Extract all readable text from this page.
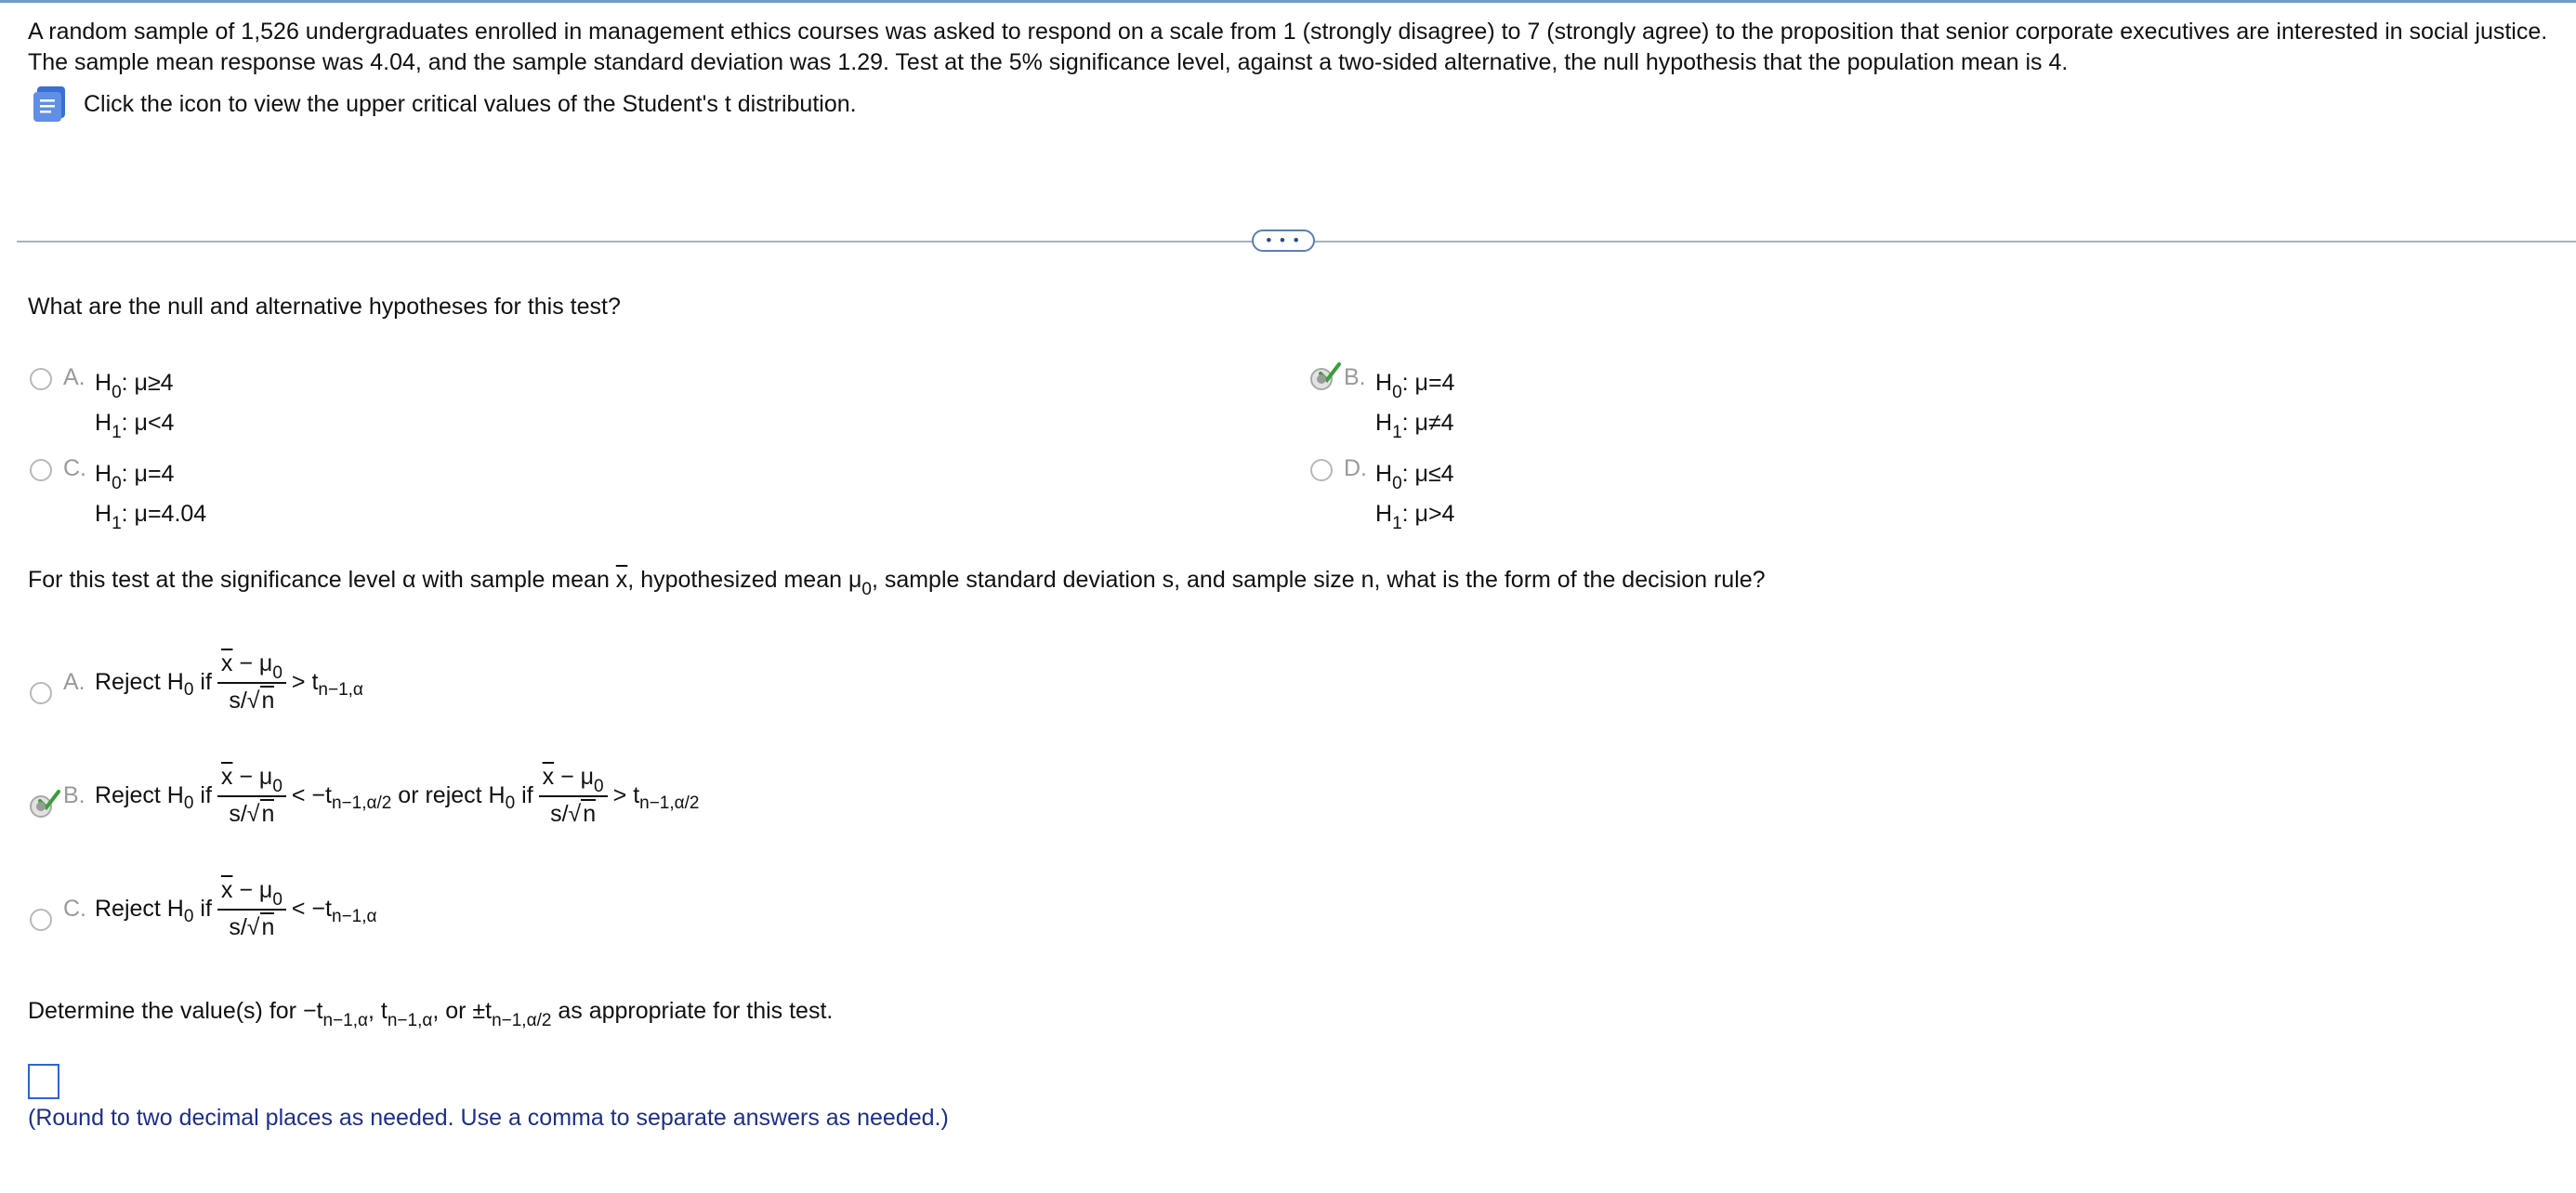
A random sample of 1,526 undergraduates enrolled in management ethics courses was asked to respond on a scale from 1 (strongly disagree) to 7 (strongly agree) to the proposition that senior corporate executives are interested in social justice. The sample mean response was 4.04, and the sample standard deviation was 1.29. Test at the 5% significance level, against a two-sided alternative, the null hypothesis that the population mean is 4.
Click the icon to view the upper critical values of the Student's t distribution.
• • •
What are the null and alternative hypotheses for this test?
A. $H_0$: μ≥4
$H_1$: μ<4
B. $H_0$: μ=4
$H_1$: μ≠4
C. $H_0$: μ=4
$H_1$: μ=4.04
D. $H_0$: μ≤4
$H_1$: μ>4
For this test at the significance level α with sample mean $\overline{x}$, hypothesized mean $\mu_0$, sample standard deviation s, and sample size n, what is the form of the decision rule?
A. Reject H 0
if $\frac{\overline{x} - \mu_0}{s/√n}$ >
t n−1,α
B. Reject H 0
if $\frac{\overline{x} - \mu_0}{s/√n}$ < − t n−1,α/2
or reject H 0
if $\frac{\overline{x} - \mu_0}{s/√n}$ >
t n−1,α/2
C. Reject H 0
if $\frac{\overline{x} - \mu_0}{s/√n}$ < − t n−1,α
Determine the value(s) for $-t_{n-1,\alpha}$, $t_{n-1,\alpha}$, or $\pm t_{n-1,\alpha/2}$ as appropriate for this test.
(Round to two decimal places as needed. Use a comma to separate answers as needed.)
